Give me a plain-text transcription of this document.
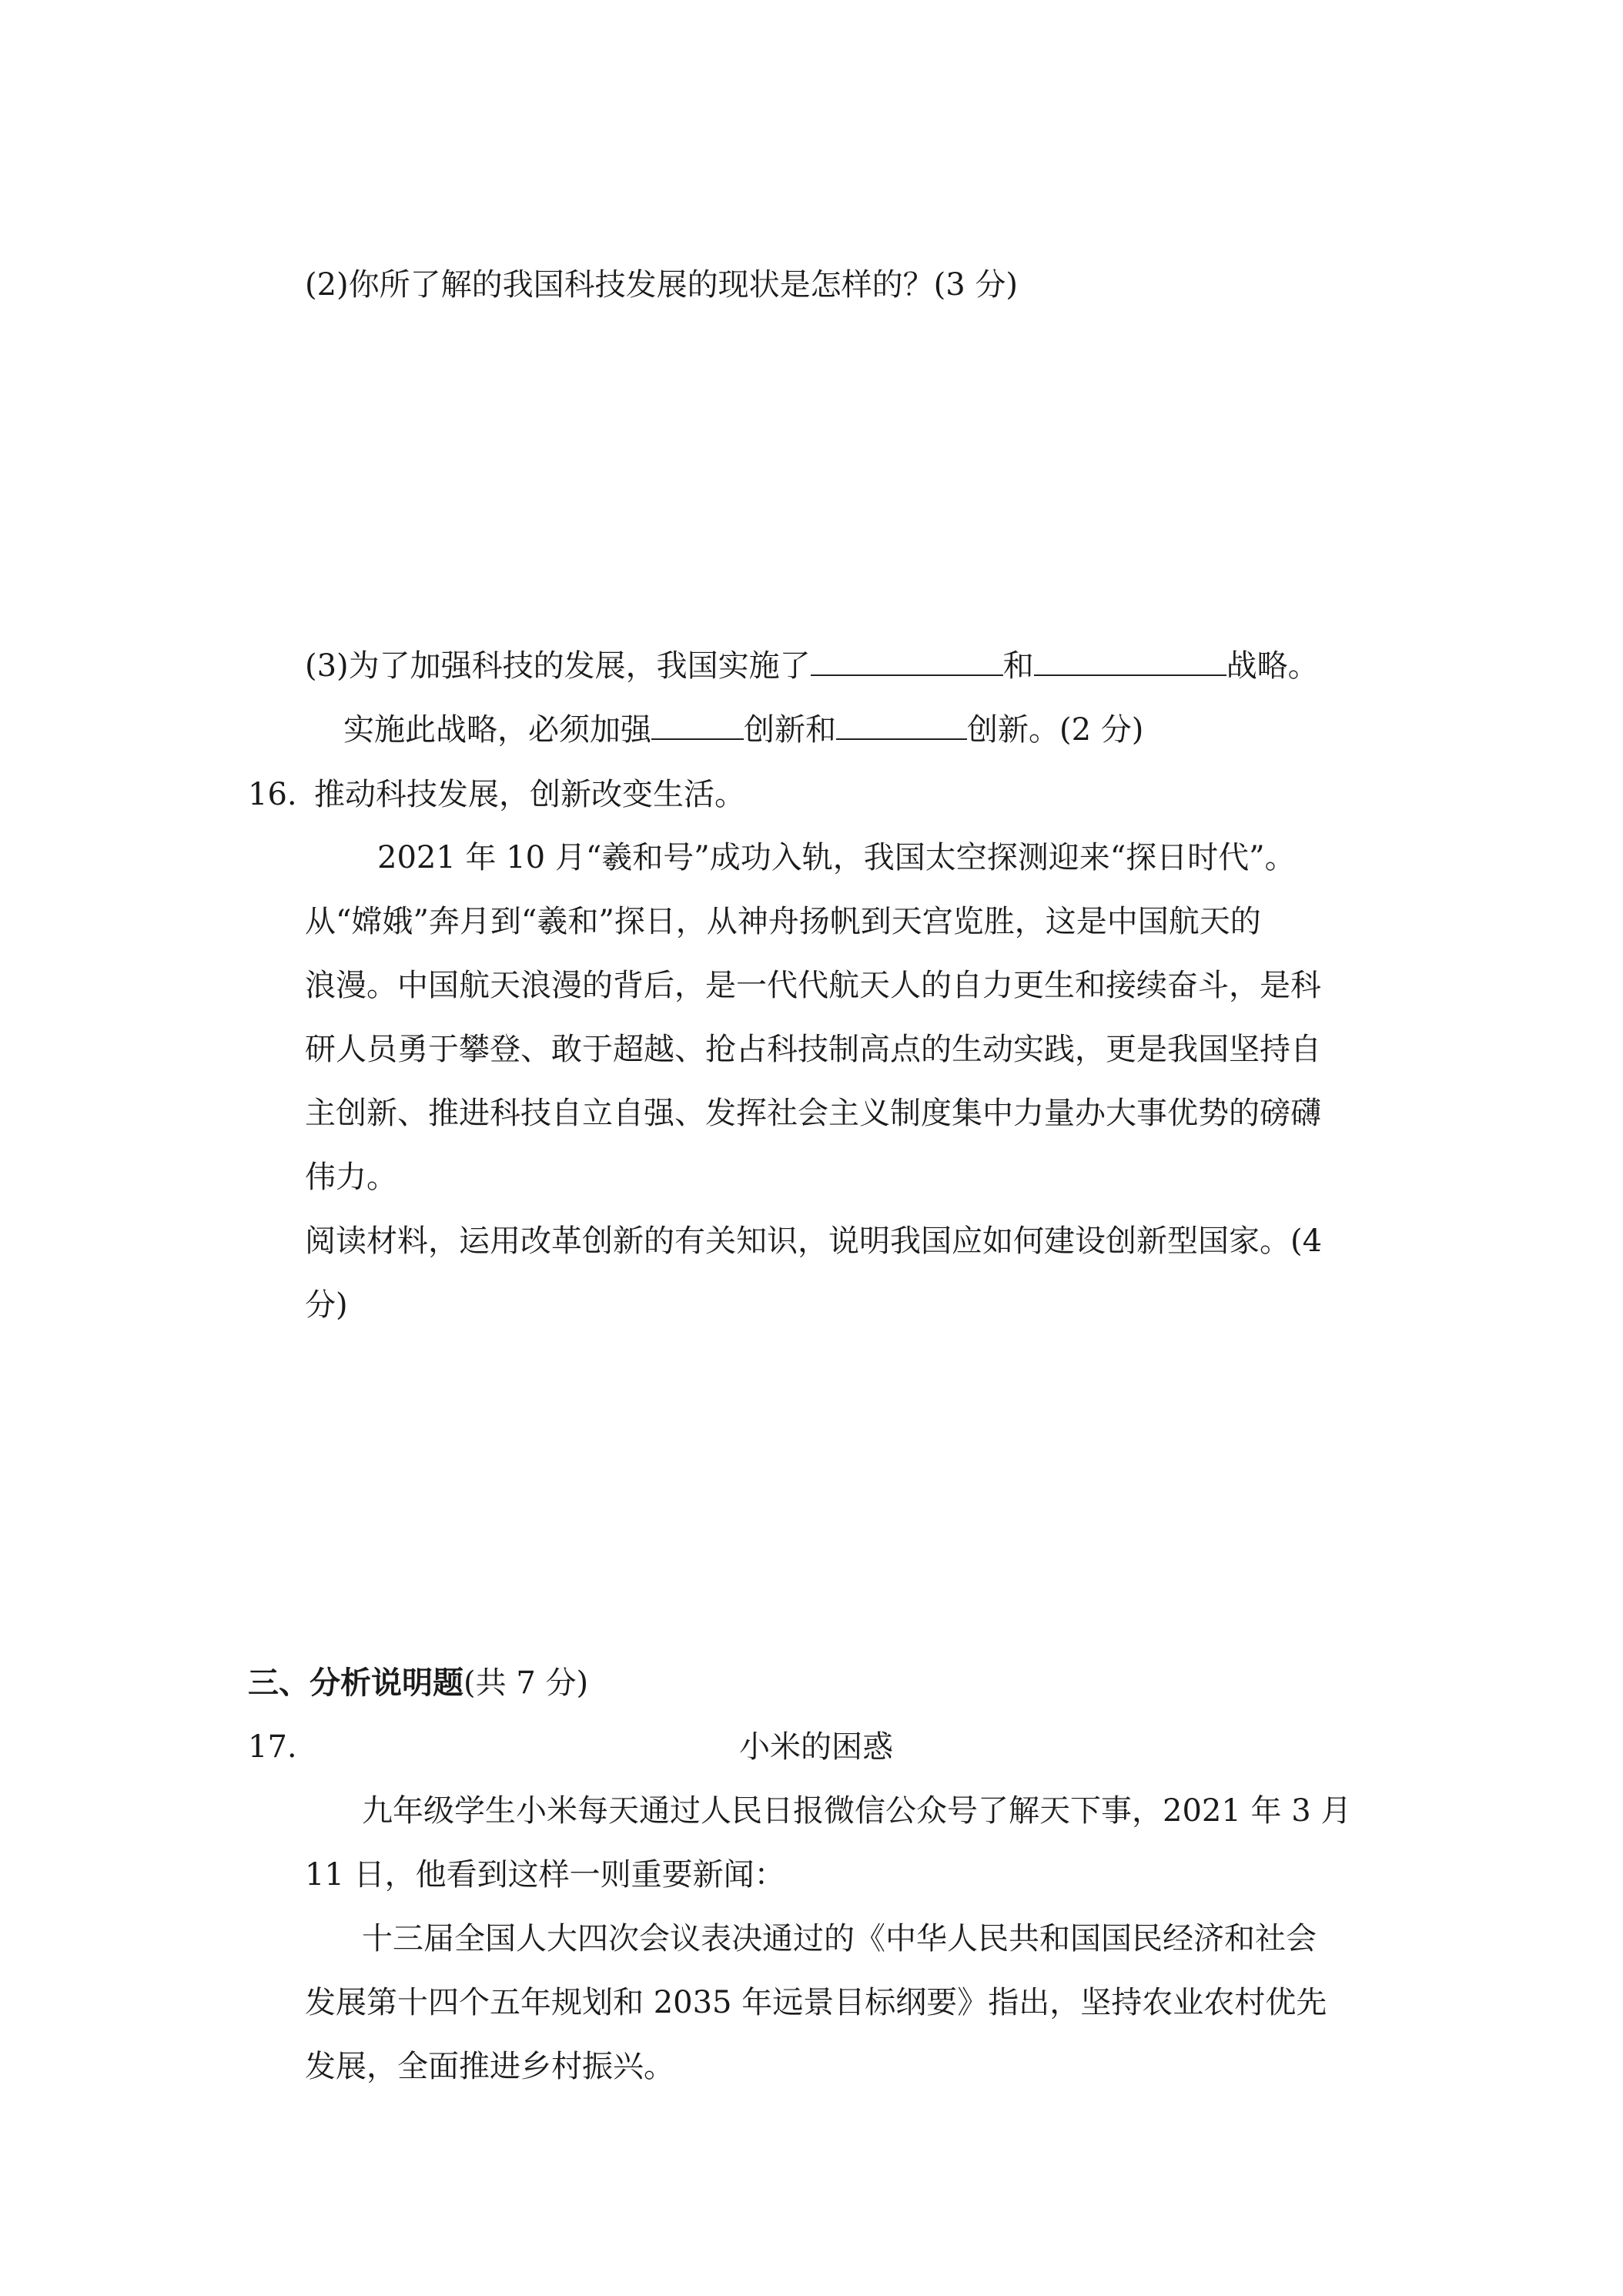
(2)你所了解的我国科技发展的现状是怎样的？(3 分)
(3)为了加强科技的发展，我国实施了	和	战略。
实施此战略，必须加强	创新和	创新。(2 分)
16. 推动科技发展，创新改变生活。
2021 年 10 月“羲和号”成功入轨，我国太空探测迎来“探日时代”。
从“嫦娥”奔月到“羲和”探日，从神舟扬帆到天宫览胜，这是中国航天的
浪漫。中国航天浪漫的背后，是一代代航天人的自力更生和接续奋斗，是科
研人员勇于攀登、敢于超越、抢占科技制高点的生动实践，更是我国坚持自
主创新、推进科技自立自强、发挥社会主义制度集中力量办大事优势的磅礴
伟力。
阅读材料，运用改革创新的有关知识，说明我国应如何建设创新型国家。(4
分)
三、分析说明题(共 7 分)
17.	小米的困惑
九年级学生小米每天通过人民日报微信公众号了解天下事，2021 年 3 月
11 日，他看到这样一则重要新闻：
十三届全国人大四次会议表决通过的《中华人民共和国国民经济和社会
发展第十四个五年规划和 2035 年远景目标纲要》指出，坚持农业农村优先
发展，全面推进乡村振兴。
